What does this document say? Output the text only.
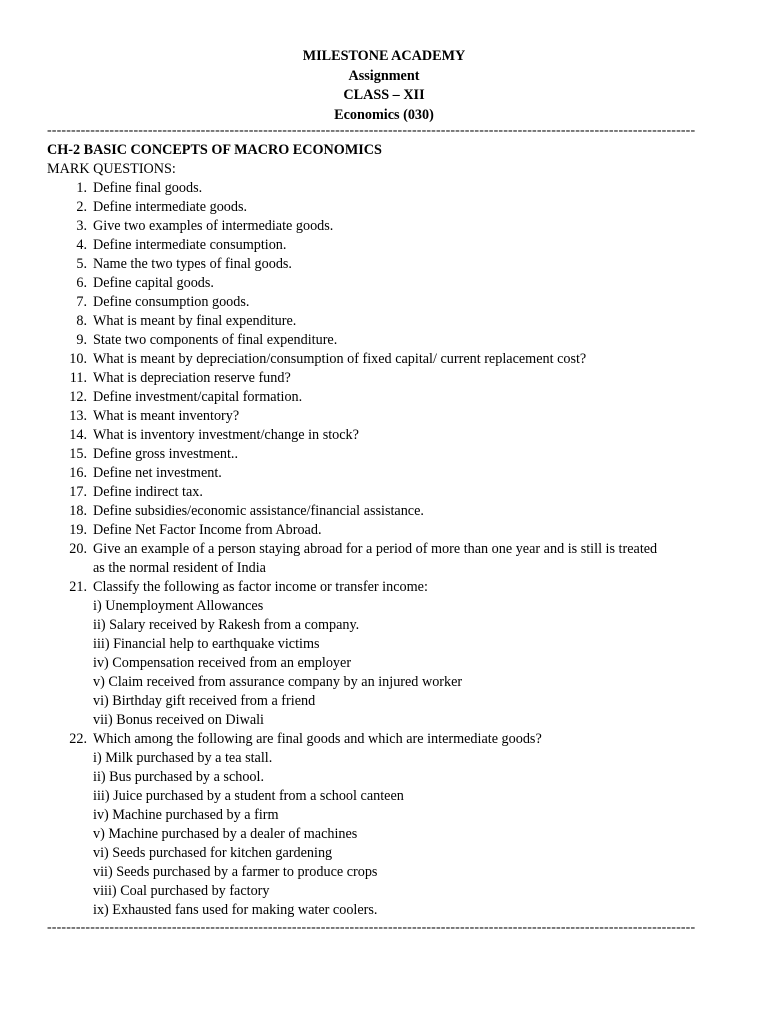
MILESTONE ACADEMY
Assignment
CLASS – XII
Economics (030)
---------------------------------------------------------------------------------------------------------------------------------------
CH-2 BASIC CONCEPTS OF MACRO ECONOMICS
MARK QUESTIONS:
1. Define final goods.
2. Define intermediate goods.
3. Give two examples of intermediate goods.
4. Define intermediate consumption.
5. Name the two types of final goods.
6. Define capital goods.
7. Define consumption goods.
8. What is meant by final expenditure.
9. State two components of final expenditure.
10. What is meant by depreciation/consumption of fixed capital/ current replacement cost?
11. What is depreciation reserve fund?
12. Define investment/capital formation.
13. What is meant inventory?
14. What is inventory investment/change in stock?
15. Define gross investment..
16. Define net investment.
17. Define indirect tax.
18. Define subsidies/economic assistance/financial assistance.
19. Define Net Factor Income from Abroad.
20. Give an example of a person staying abroad for a period of more than one year and is still is treated
as the normal resident of India
21. Classify the following as factor income or transfer income:
i) Unemployment Allowances
ii) Salary received by Rakesh from a company.
iii) Financial help to earthquake victims
iv) Compensation received from an employer
v) Claim received from assurance company by an injured worker
vi) Birthday gift received from a friend
vii) Bonus received on Diwali
22. Which among the following are final goods and which are intermediate goods?
i) Milk purchased by a tea stall.
ii) Bus purchased by a school.
iii) Juice purchased by a student from a school canteen
iv) Machine purchased by a firm
v) Machine purchased by a dealer of machines
vi) Seeds purchased for kitchen gardening
vii) Seeds purchased by a farmer to produce crops
viii) Coal purchased by factory
ix) Exhausted fans used for making water coolers.
---------------------------------------------------------------------------------------------------------------------------------------
